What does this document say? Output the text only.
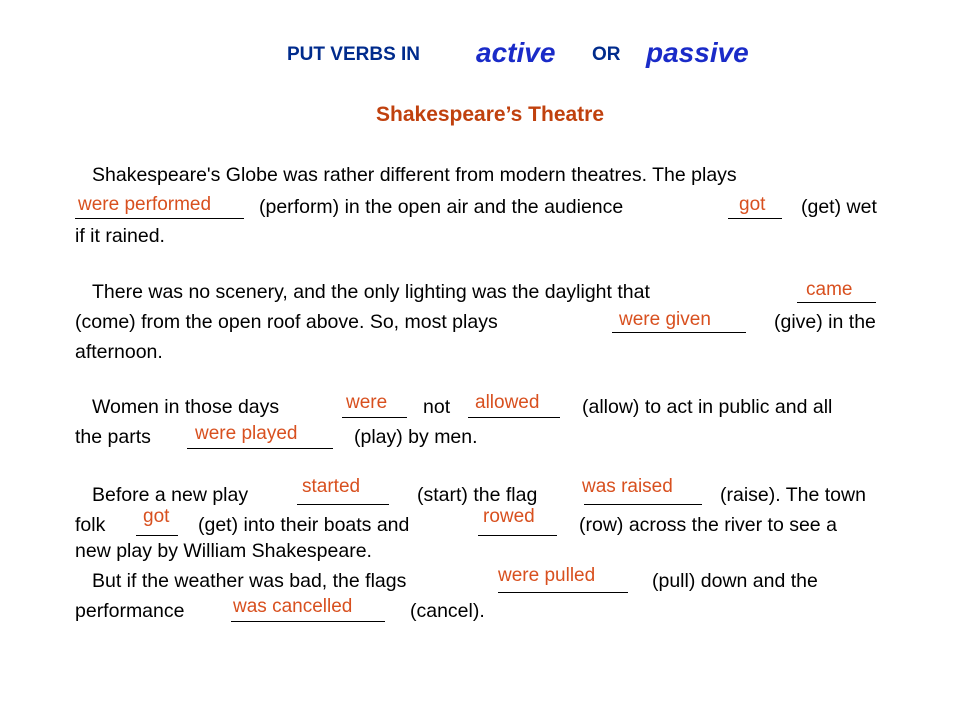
PUT VERBS IN active OR passive
Shakespeare’s Theatre
Shakespeare's Globe was rather different from modern theatres. The plays
were performed (perform) in the open air and the audience	got (get) wet
if it rained.
There was no scenery, and the only lighting was the daylight that	came
(come) from the open roof above. So, most plays	were given	(give) in the
afternoon.
Women in those days	were not allowed (allow) to act in public and all
the parts were played	(play) by men.
Before a new play	started	(start) the flag was raised (raise). The town
folk got (get) into their boats and	rowed (row) across the river to see a
new play by William Shakespeare.
But if the weather was bad, the flags	were pulled	(pull) down and the
performance	was cancelled	(cancel).
